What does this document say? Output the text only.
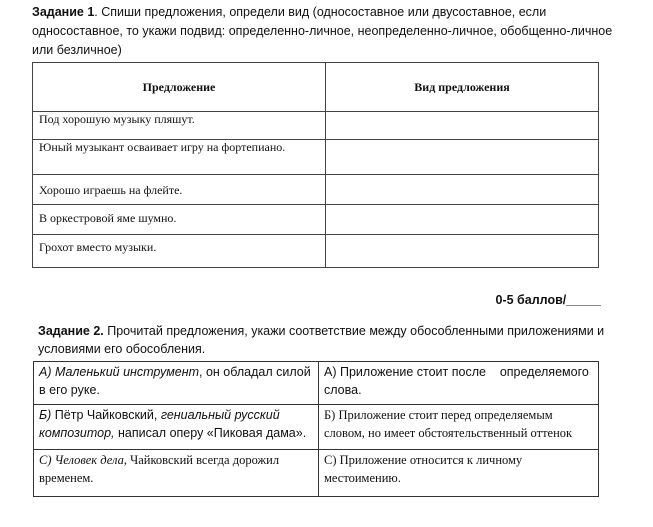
Задание 1. Спиши предложения, определи вид (односоставное или двусоставное, если односоставное, то укажи подвид: определенно-личное, неопределенно-личное, обобщенно-личное или безличное)
Предложение	Вид предложения
Под хорошую музыку пляшут.	
Юный музыкант осваивает игру на фортепиано.	
Хорошо играешь на флейте.	
В оркестровой яме шумно.	
Грохот вместо музыки.	
0-5 баллов/_____
Задание 2. Прочитай предложения, укажи соответствие между обособленными приложениями и условиями его обособления.
А) Маленький инструмент, он обладал силой в его руке.	А) Приложение стоит после    определяемого слова.
Б) Пётр Чайковский, гениальный русский композитор, написал оперу «Пиковая дама».	Б) Приложение стоит перед определяемым словом, но имеет обстоятельственный оттенок
С) Человек дела, Чайковский всегда дорожил временем.	С) Приложение относится к личному местоимению.
